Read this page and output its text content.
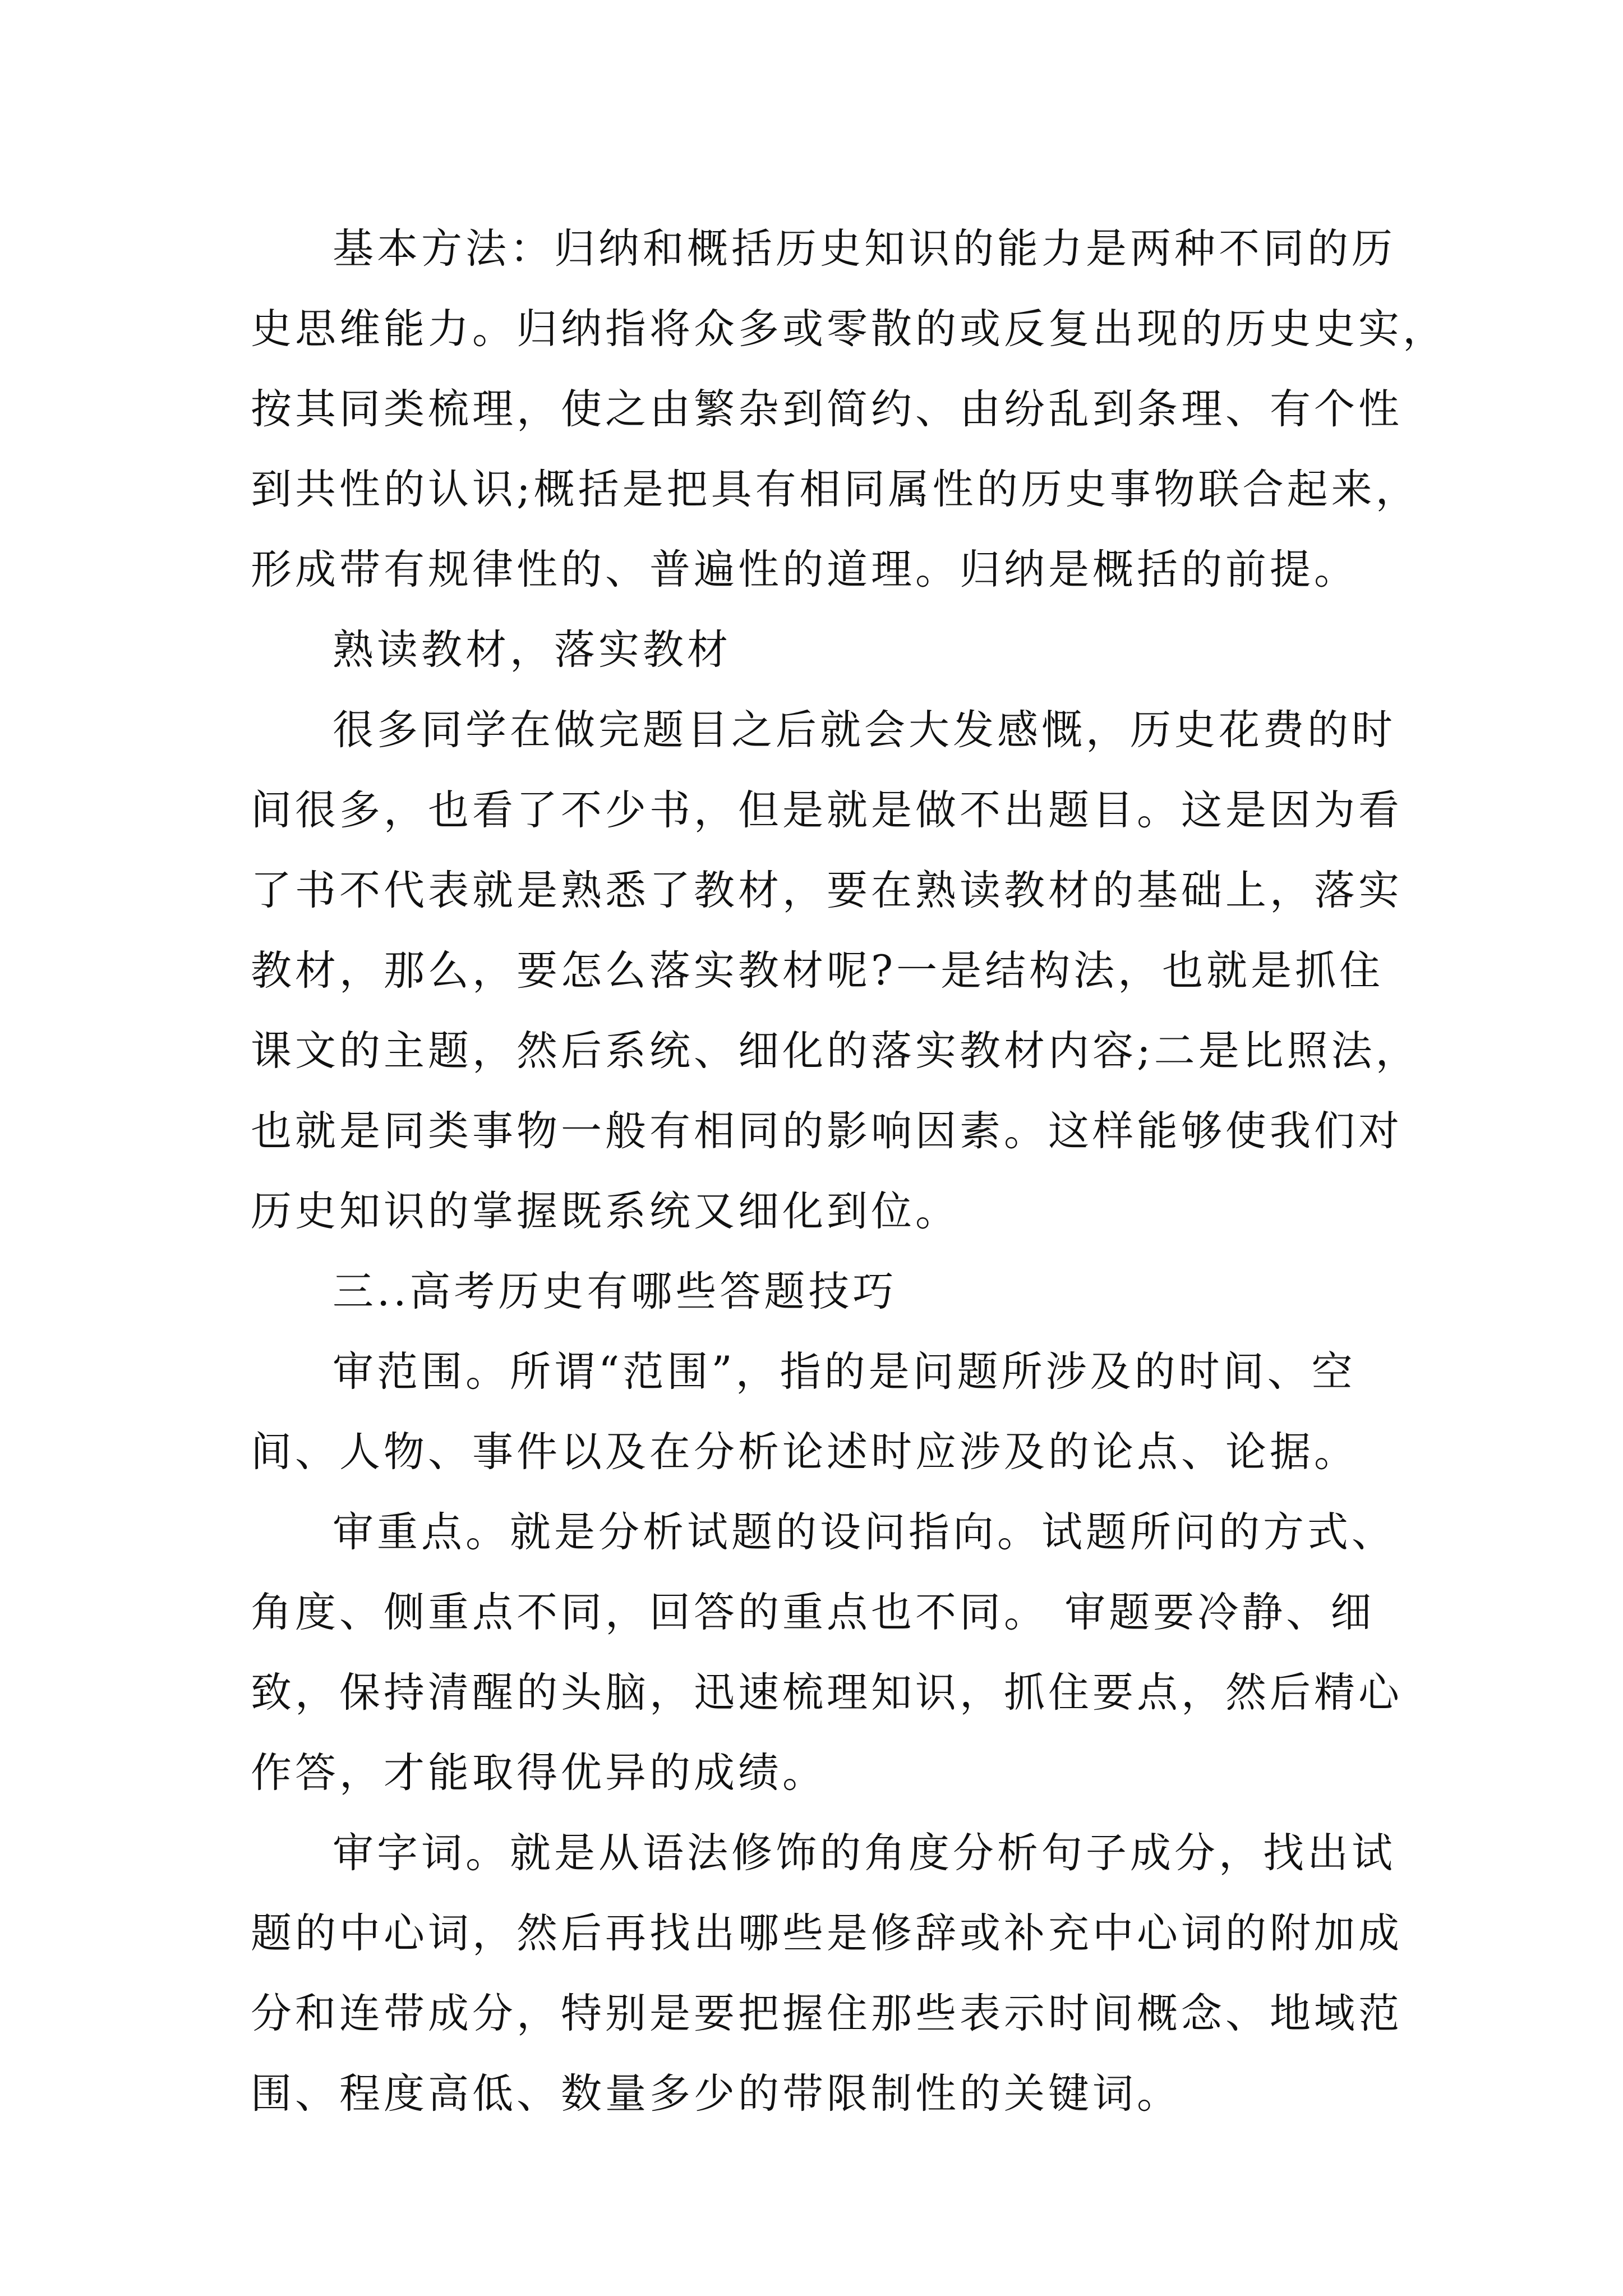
基本方法：归纳和概括历史知识的能力是两种不同的历
史思维能力。归纳指将众多或零散的或反复出现的历史史实，
按其同类梳理，使之由繁杂到简约、由纷乱到条理、有个性
到共性的认识;概括是把具有相同属性的历史事物联合起来，
形成带有规律性的、普遍性的道理。归纳是概括的前提。
熟读教材，落实教材
很多同学在做完题目之后就会大发感慨，历史花费的时
间很多，也看了不少书，但是就是做不出题目。这是因为看
了书不代表就是熟悉了教材，要在熟读教材的基础上，落实
教材，那么，要怎么落实教材呢?一是结构法，也就是抓住
课文的主题，然后系统、细化的落实教材内容;二是比照法，
也就是同类事物一般有相同的影响因素。这样能够使我们对
历史知识的掌握既系统又细化到位。
三..高考历史有哪些答题技巧
审范围。所谓“范围”，指的是问题所涉及的时间、空
间、人物、事件以及在分析论述时应涉及的论点、论据。
审重点。就是分析试题的设问指向。试题所问的方式、
角度、侧重点不同，回答的重点也不同。 审题要冷静、细
致，保持清醒的头脑，迅速梳理知识，抓住要点，然后精心
作答，才能取得优异的成绩。
审字词。就是从语法修饰的角度分析句子成分，找出试
题的中心词，然后再找出哪些是修辞或补充中心词的附加成
分和连带成分，特别是要把握住那些表示时间概念、地域范
围、程度高低、数量多少的带限制性的关键词。
